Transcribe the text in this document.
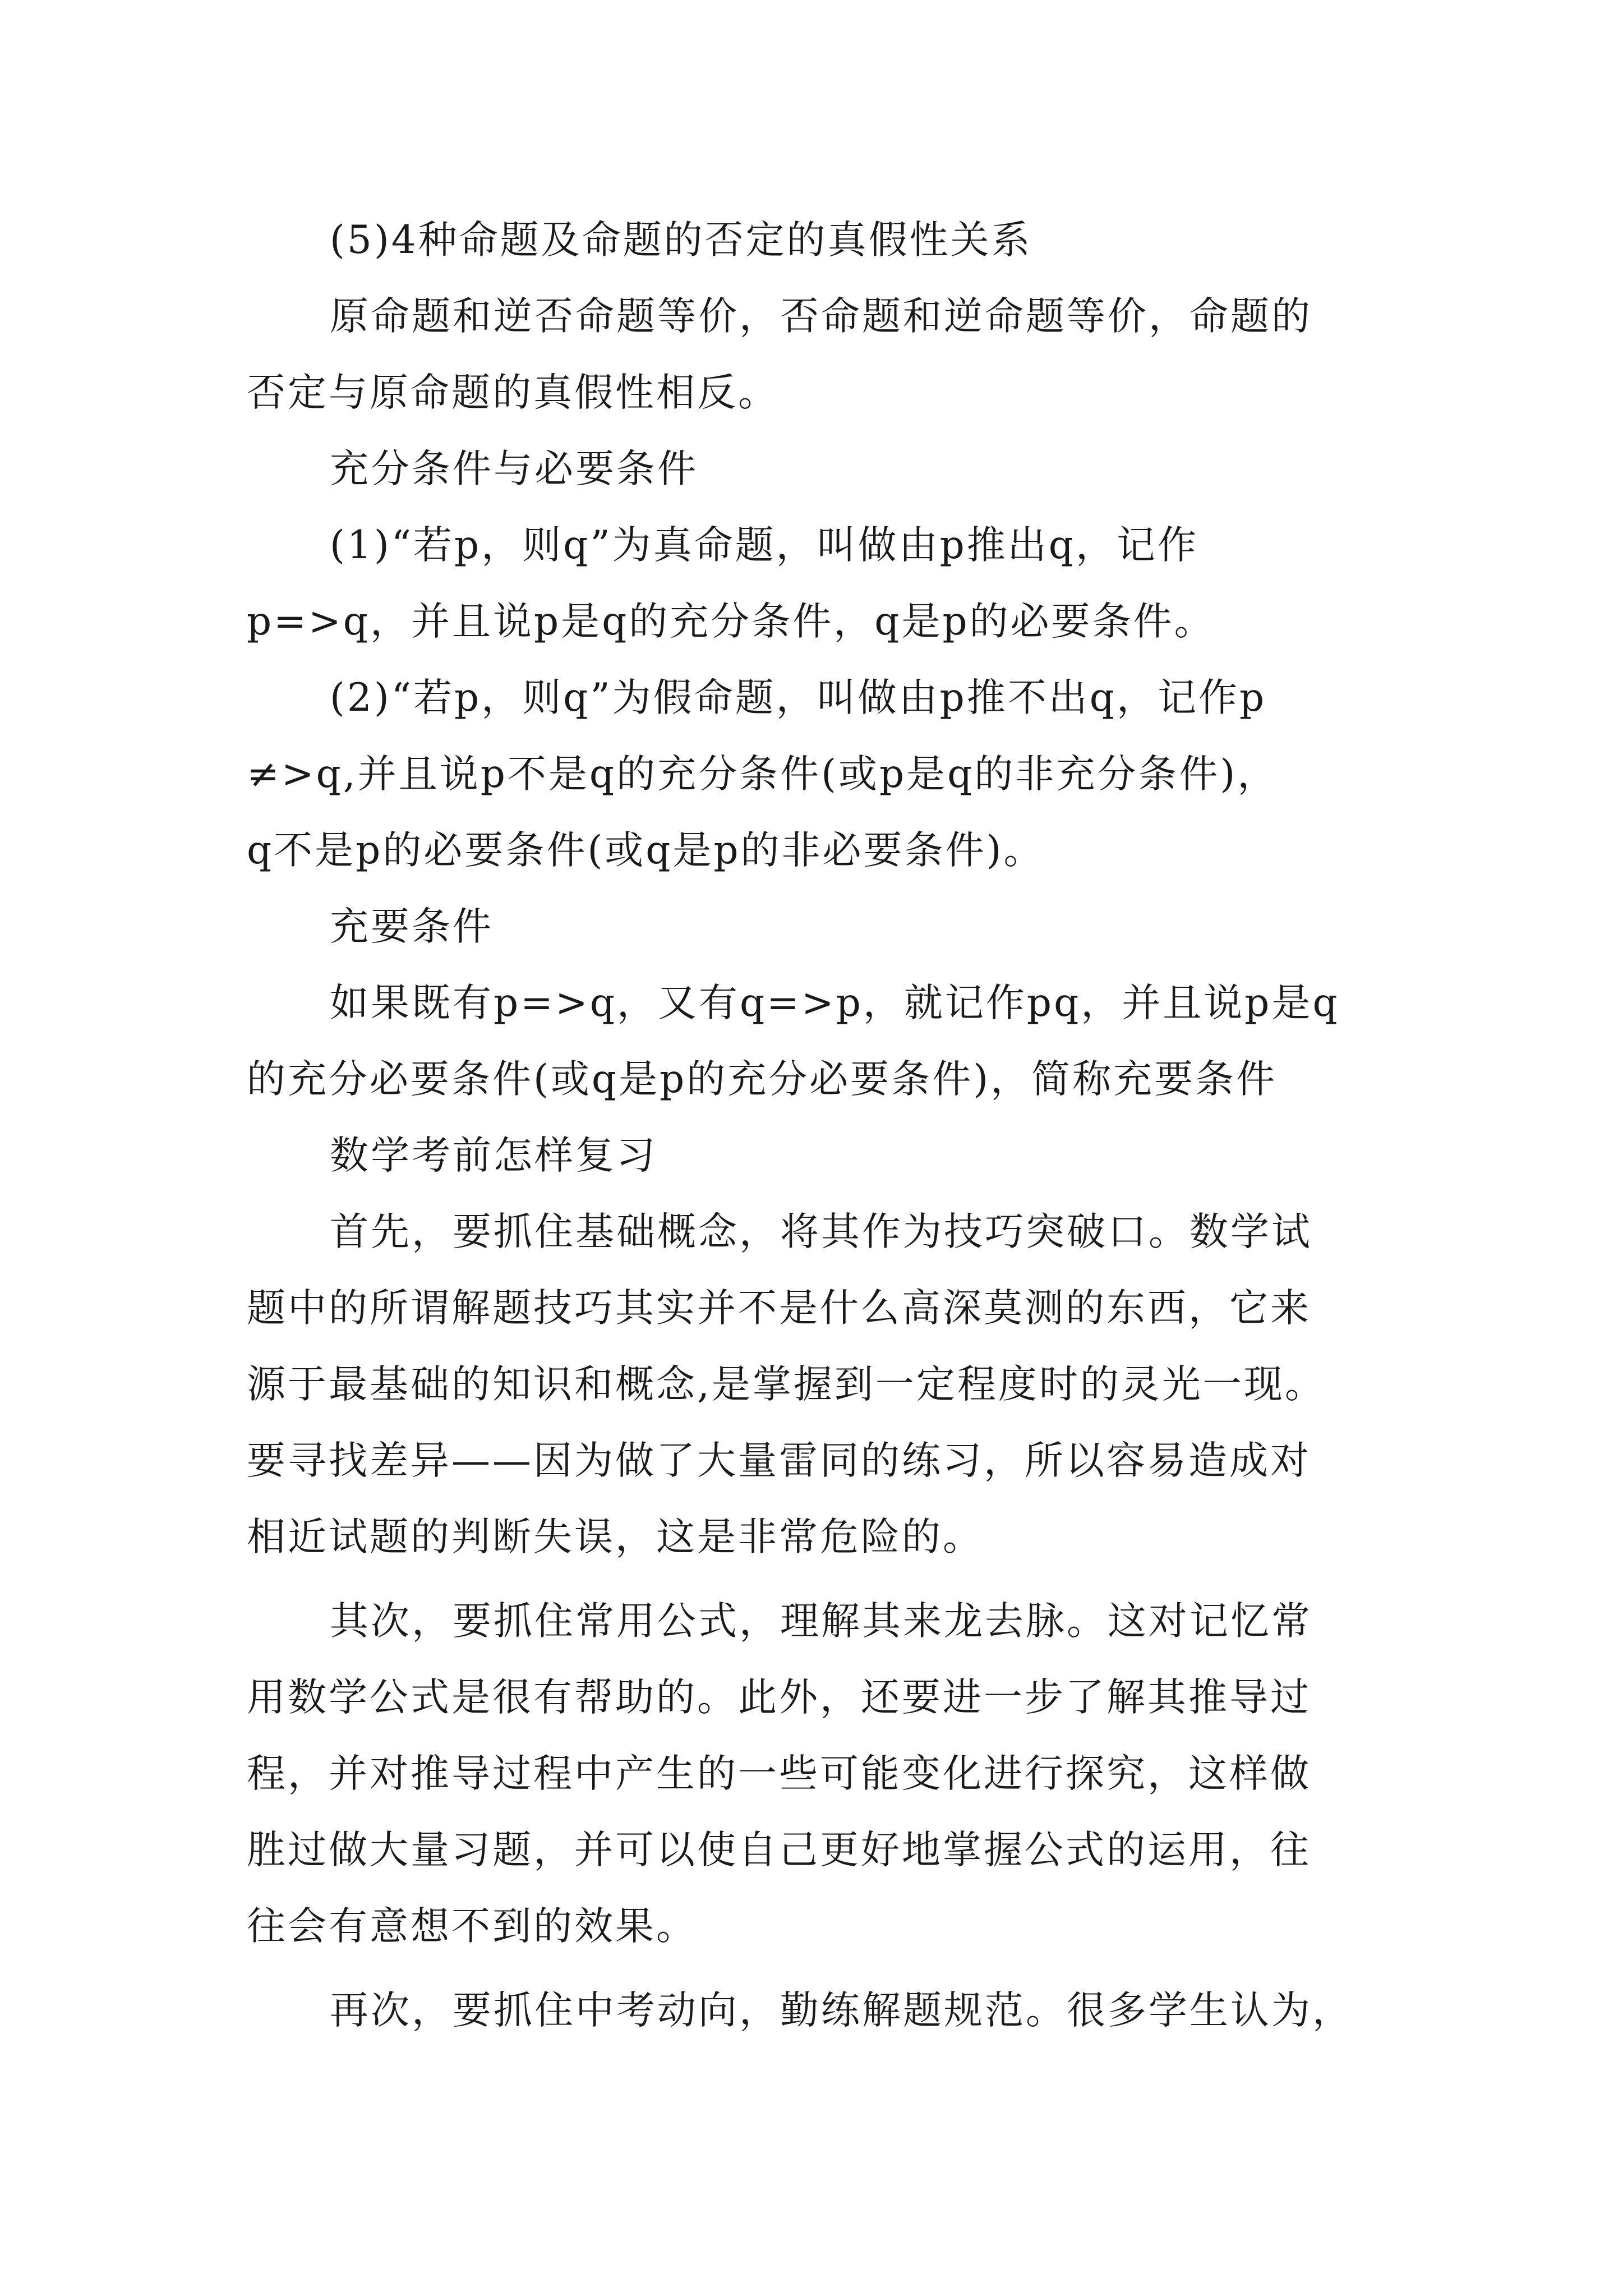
(5)4种命题及命题的否定的真假性关系
原命题和逆否命题等价，否命题和逆命题等价，命题的
否定与原命题的真假性相反。
充分条件与必要条件
(1)“若p，则q”为真命题，叫做由p推出q，记作
p=>q，并且说p是q的充分条件，q是p的必要条件。
(2)“若p，则q”为假命题，叫做由p推不出q，记作p
≠>q,并且说p不是q的充分条件(或p是q的非充分条件)，
q不是p的必要条件(或q是p的非必要条件)。
充要条件
如果既有p=>q，又有q=>p，就记作pq，并且说p是q
的充分必要条件(或q是p的充分必要条件)，简称充要条件
数学考前怎样复习
首先，要抓住基础概念，将其作为技巧突破口。数学试
题中的所谓解题技巧其实并不是什么高深莫测的东西，它来
源于最基础的知识和概念,是掌握到一定程度时的灵光一现。
要寻找差异——因为做了大量雷同的练习，所以容易造成对
相近试题的判断失误，这是非常危险的。
其次，要抓住常用公式，理解其来龙去脉。这对记忆常
用数学公式是很有帮助的。此外，还要进一步了解其推导过
程，并对推导过程中产生的一些可能变化进行探究，这样做
胜过做大量习题，并可以使自己更好地掌握公式的运用，往
往会有意想不到的效果。
再次，要抓住中考动向，勤练解题规范。很多学生认为，
